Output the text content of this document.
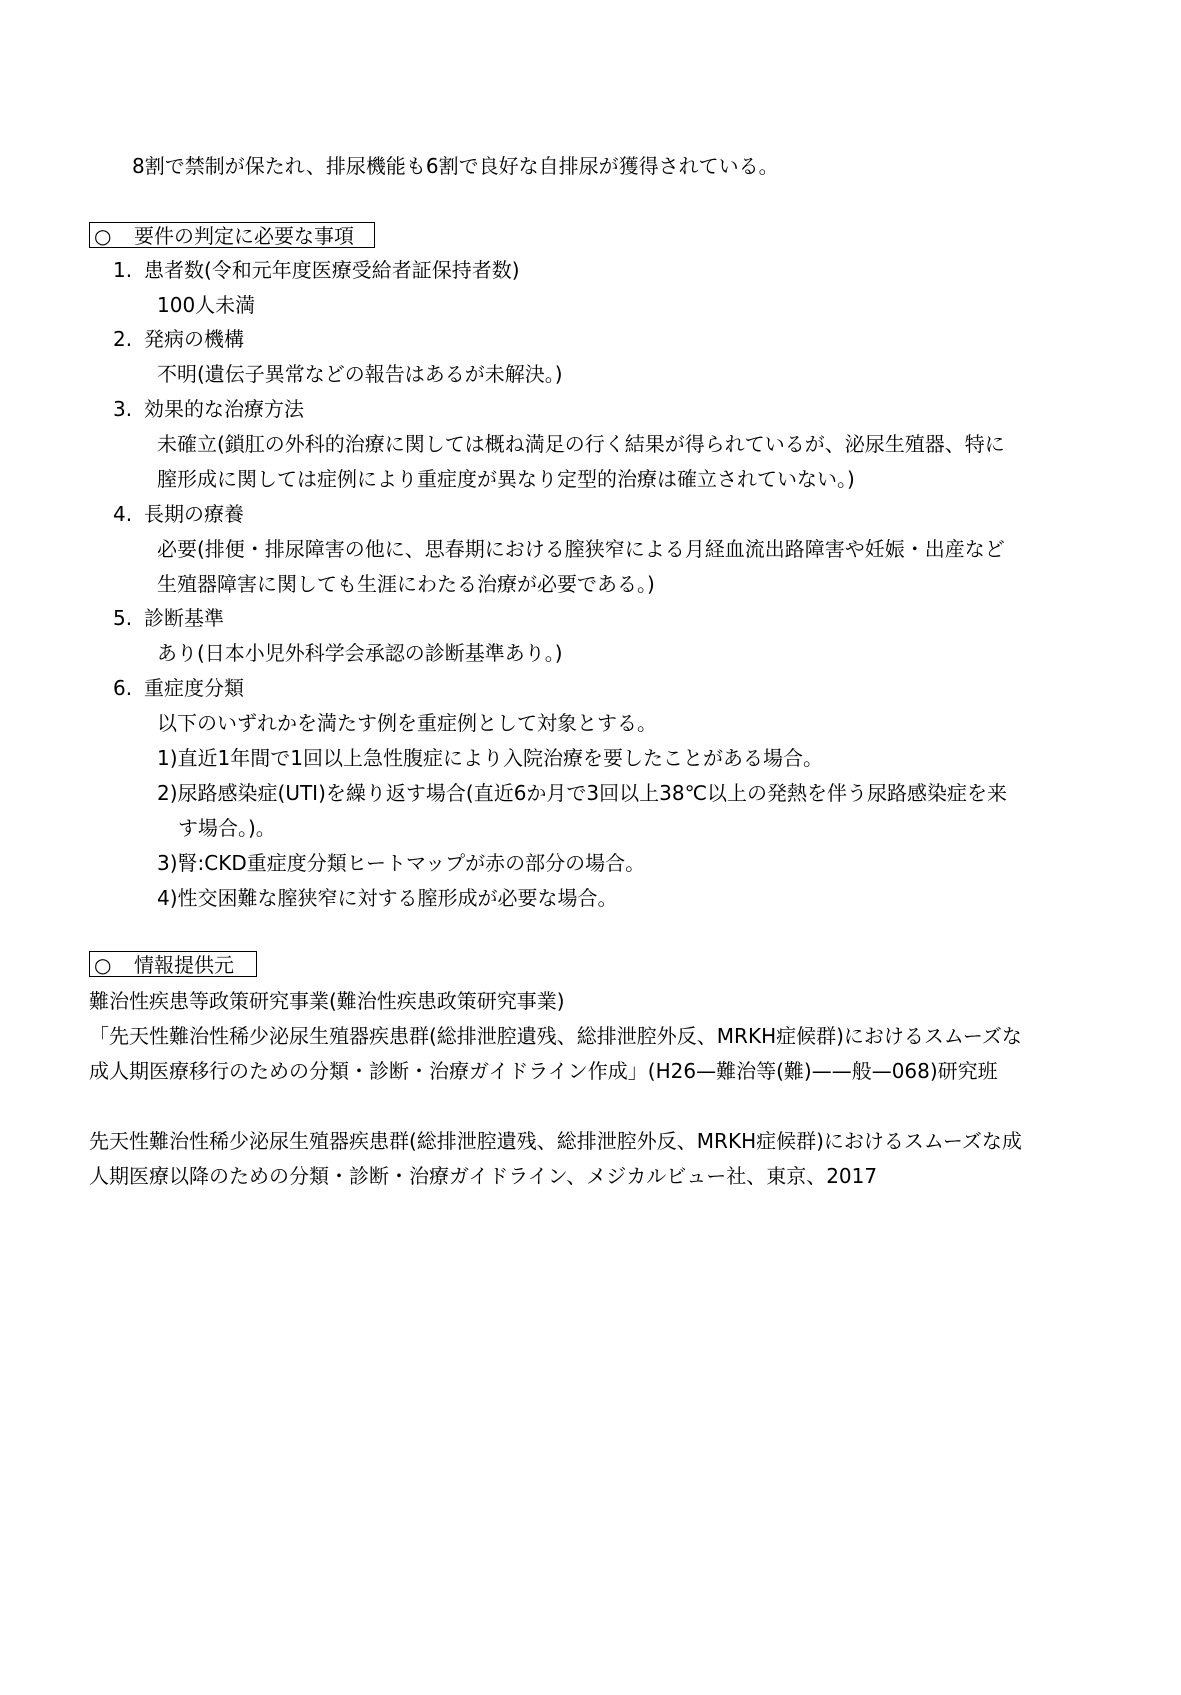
8割で禁制が保たれ、排尿機能も6割で良好な自排尿が獲得されている。
○ 要件の判定に必要な事項
1. 患者数(令和元年度医療受給者証保持者数)
100人未満
2. 発病の機構
不明(遺伝子異常などの報告はあるが未解決。)
3. 効果的な治療方法
未確立(鎖肛の外科的治療に関しては概ね満足の行く結果が得られているが、泌尿生殖器、特に
膣形成に関しては症例により重症度が異なり定型的治療は確立されていない。)
4. 長期の療養
必要(排便・排尿障害の他に、思春期における膣狭窄による月経血流出路障害や妊娠・出産など
生殖器障害に関しても生涯にわたる治療が必要である。)
5. 診断基準
あり(日本小児外科学会承認の診断基準あり。)
6. 重症度分類
以下のいずれかを満たす例を重症例として対象とする。
1)直近1年間で1回以上急性腹症により入院治療を要したことがある場合。
2)尿路感染症(UTI)を繰り返す場合(直近6か月で3回以上38℃以上の発熱を伴う尿路感染症を来
す場合。)。
3)腎:CKD重症度分類ヒートマップが赤の部分の場合。
4)性交困難な膣狭窄に対する膣形成が必要な場合。
○ 情報提供元
難治性疾患等政策研究事業(難治性疾患政策研究事業)
「先天性難治性稀少泌尿生殖器疾患群(総排泄腔遺残、総排泄腔外反、MRKH症候群)におけるスムーズな
成人期医療移行のための分類・診断・治療ガイドライン作成」(H26—難治等(難)——般—068)研究班
先天性難治性稀少泌尿生殖器疾患群(総排泄腔遺残、総排泄腔外反、MRKH症候群)におけるスムーズな成
人期医療以降のための分類・診断・治療ガイドライン、メジカルビュー社、東京、2017
